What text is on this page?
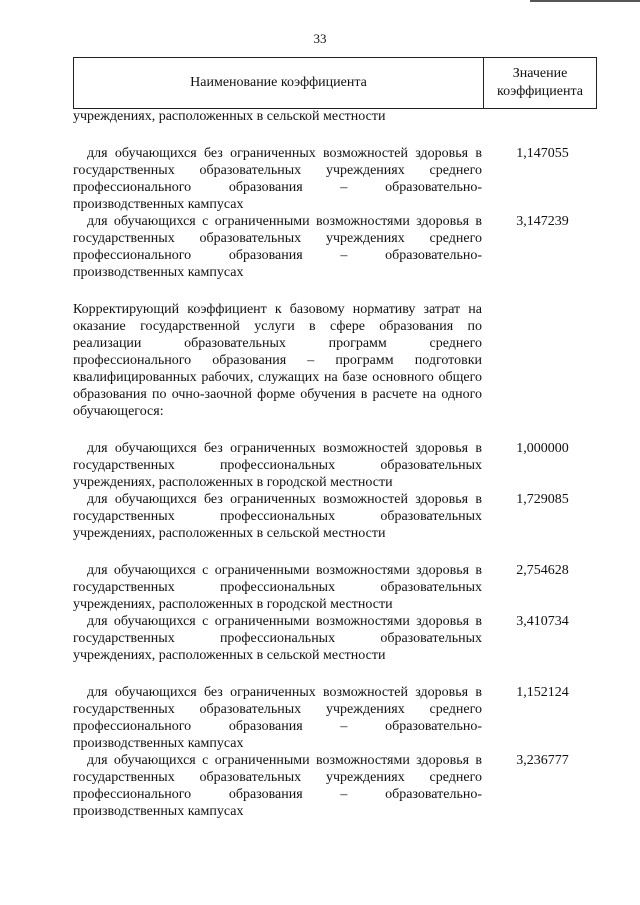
33
Наименование коэффициента
Значение
коэффициента

учреждениях, расположенных в сельской местности

для обучающихся без ограниченных возможностей здоровья в государственных образовательных учреждениях среднего профессионального образования – образовательно-производственных кампусах

1,147055

для обучающихся с ограниченными возможностями здоровья в государственных образовательных учреждениях среднего профессионального образования – образовательно-производственных кампусах

3,147239

Корректирующий коэффициент к базовому нормативу затрат на оказание государственной услуги в сфере образования по реализации образовательных программ среднего профессионального образования – программ подготовки квалифицированных рабочих, служащих на базе основного общего образования по очно-заочной форме обучения в расчете на одного обучающегося:

для обучающихся без ограниченных возможностей здоровья в государственных профессиональных образовательных учреждениях, расположенных в городской местности

1,000000

для обучающихся без ограниченных возможностей здоровья в государственных профессиональных образовательных учреждениях, расположенных в сельской местности

1,729085

для обучающихся с ограниченными возможностями здоровья в государственных профессиональных образовательных учреждениях, расположенных в городской местности

2,754628

для обучающихся с ограниченными возможностями здоровья в государственных профессиональных образовательных учреждениях, расположенных в сельской местности

3,410734

для обучающихся без ограниченных возможностей здоровья в государственных образовательных учреждениях среднего профессионального образования – образовательно-производственных кампусах

1,152124

для обучающихся с ограниченными возможностями здоровья в государственных образовательных учреждениях среднего профессионального образования – образовательно-производственных кампусах

3,236777
